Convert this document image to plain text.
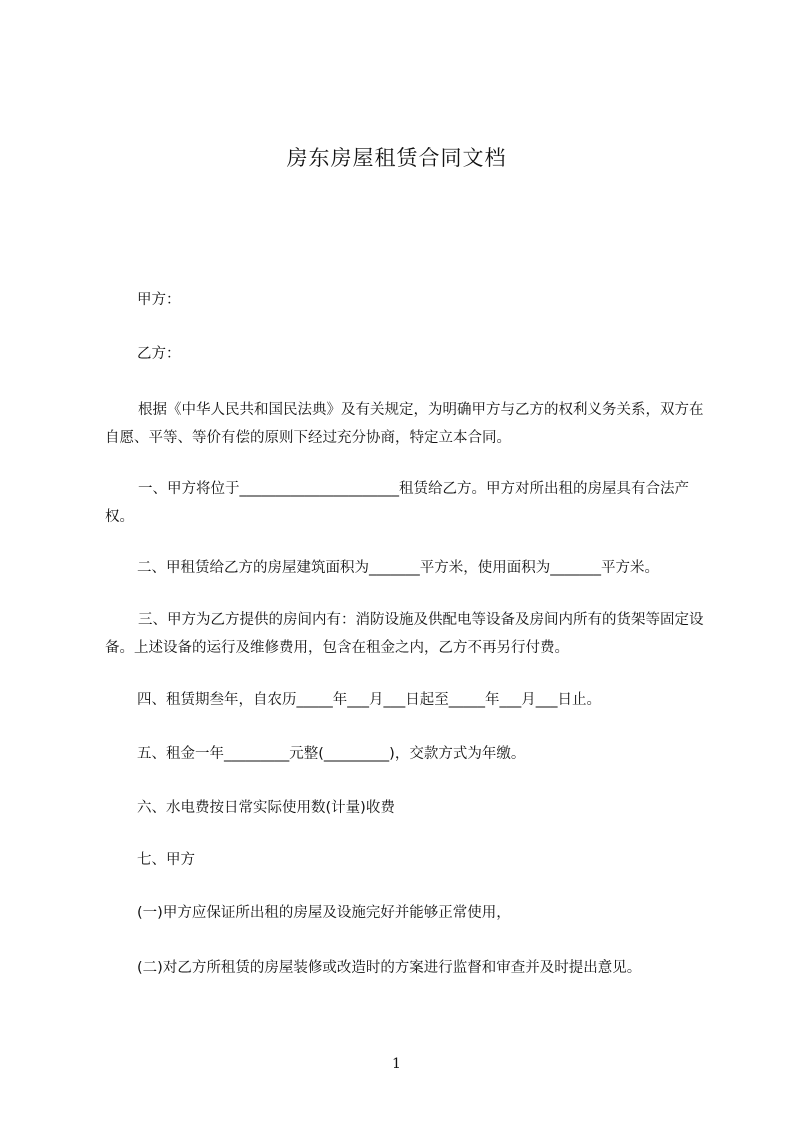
房东房屋租赁合同文档
甲方：
乙方：
根据《中华人民共和国民法典》及有关规定，为明确甲方与乙方的权利义务关系，双方在自愿、平等、等价有偿的原则下经过充分协商，特定立本合同。
一、甲方将位于______________________租赁给乙方。甲方对所出租的房屋具有合法产权。
二、甲租赁给乙方的房屋建筑面积为_______平方米，使用面积为_______平方米。
三、甲方为乙方提供的房间内有：消防设施及供配电等设备及房间内所有的货架等固定设备。上述设备的运行及维修费用，包含在租金之内，乙方不再另行付费。
四、租赁期叁年，自农历_____年___月___日起至_____年___月___日止。
五、租金一年_________元整(_________)，交款方式为年缴。
六、水电费按日常实际使用数(计量)收费
七、甲方
(一)甲方应保证所出租的房屋及设施完好并能够正常使用，
(二)对乙方所租赁的房屋装修或改造时的方案进行监督和审查并及时提出意见。
1
